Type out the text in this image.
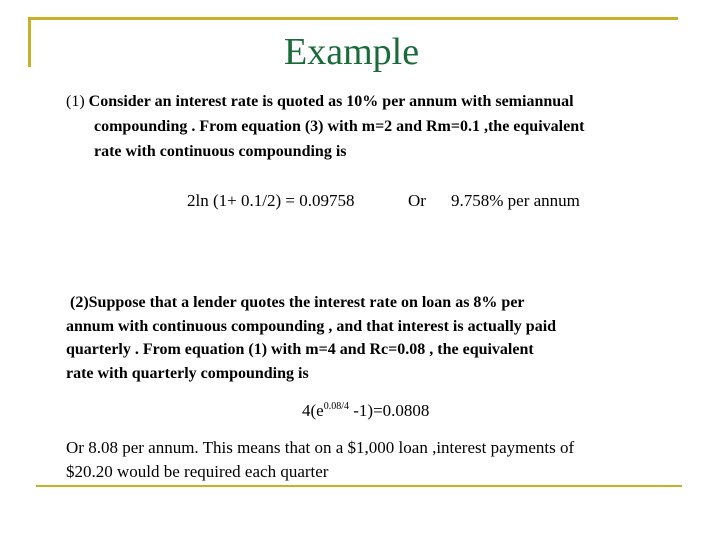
Example
(1) Consider an interest rate is quoted as 10% per annum with semiannual
compounding . From equation (3) with m=2 and Rm=0.1 ,the equivalent
rate with continuous compounding is
2ln (1+ 0.1/2) = 0.09758	Or 9.758% per annum
(2)Suppose that a lender quotes the interest rate on loan as 8% per
annum with continuous compounding , and that interest is actually paid
quarterly . From equation (1) with m=4 and Rc=0.08 , the equivalent
rate with quarterly compounding is
$4(e^{0.08/4}$ -1)=0.0808
Or 8.08 per annum. This means that on a $1,000 loan ,interest payments of
$20.20 would be required each quarter
